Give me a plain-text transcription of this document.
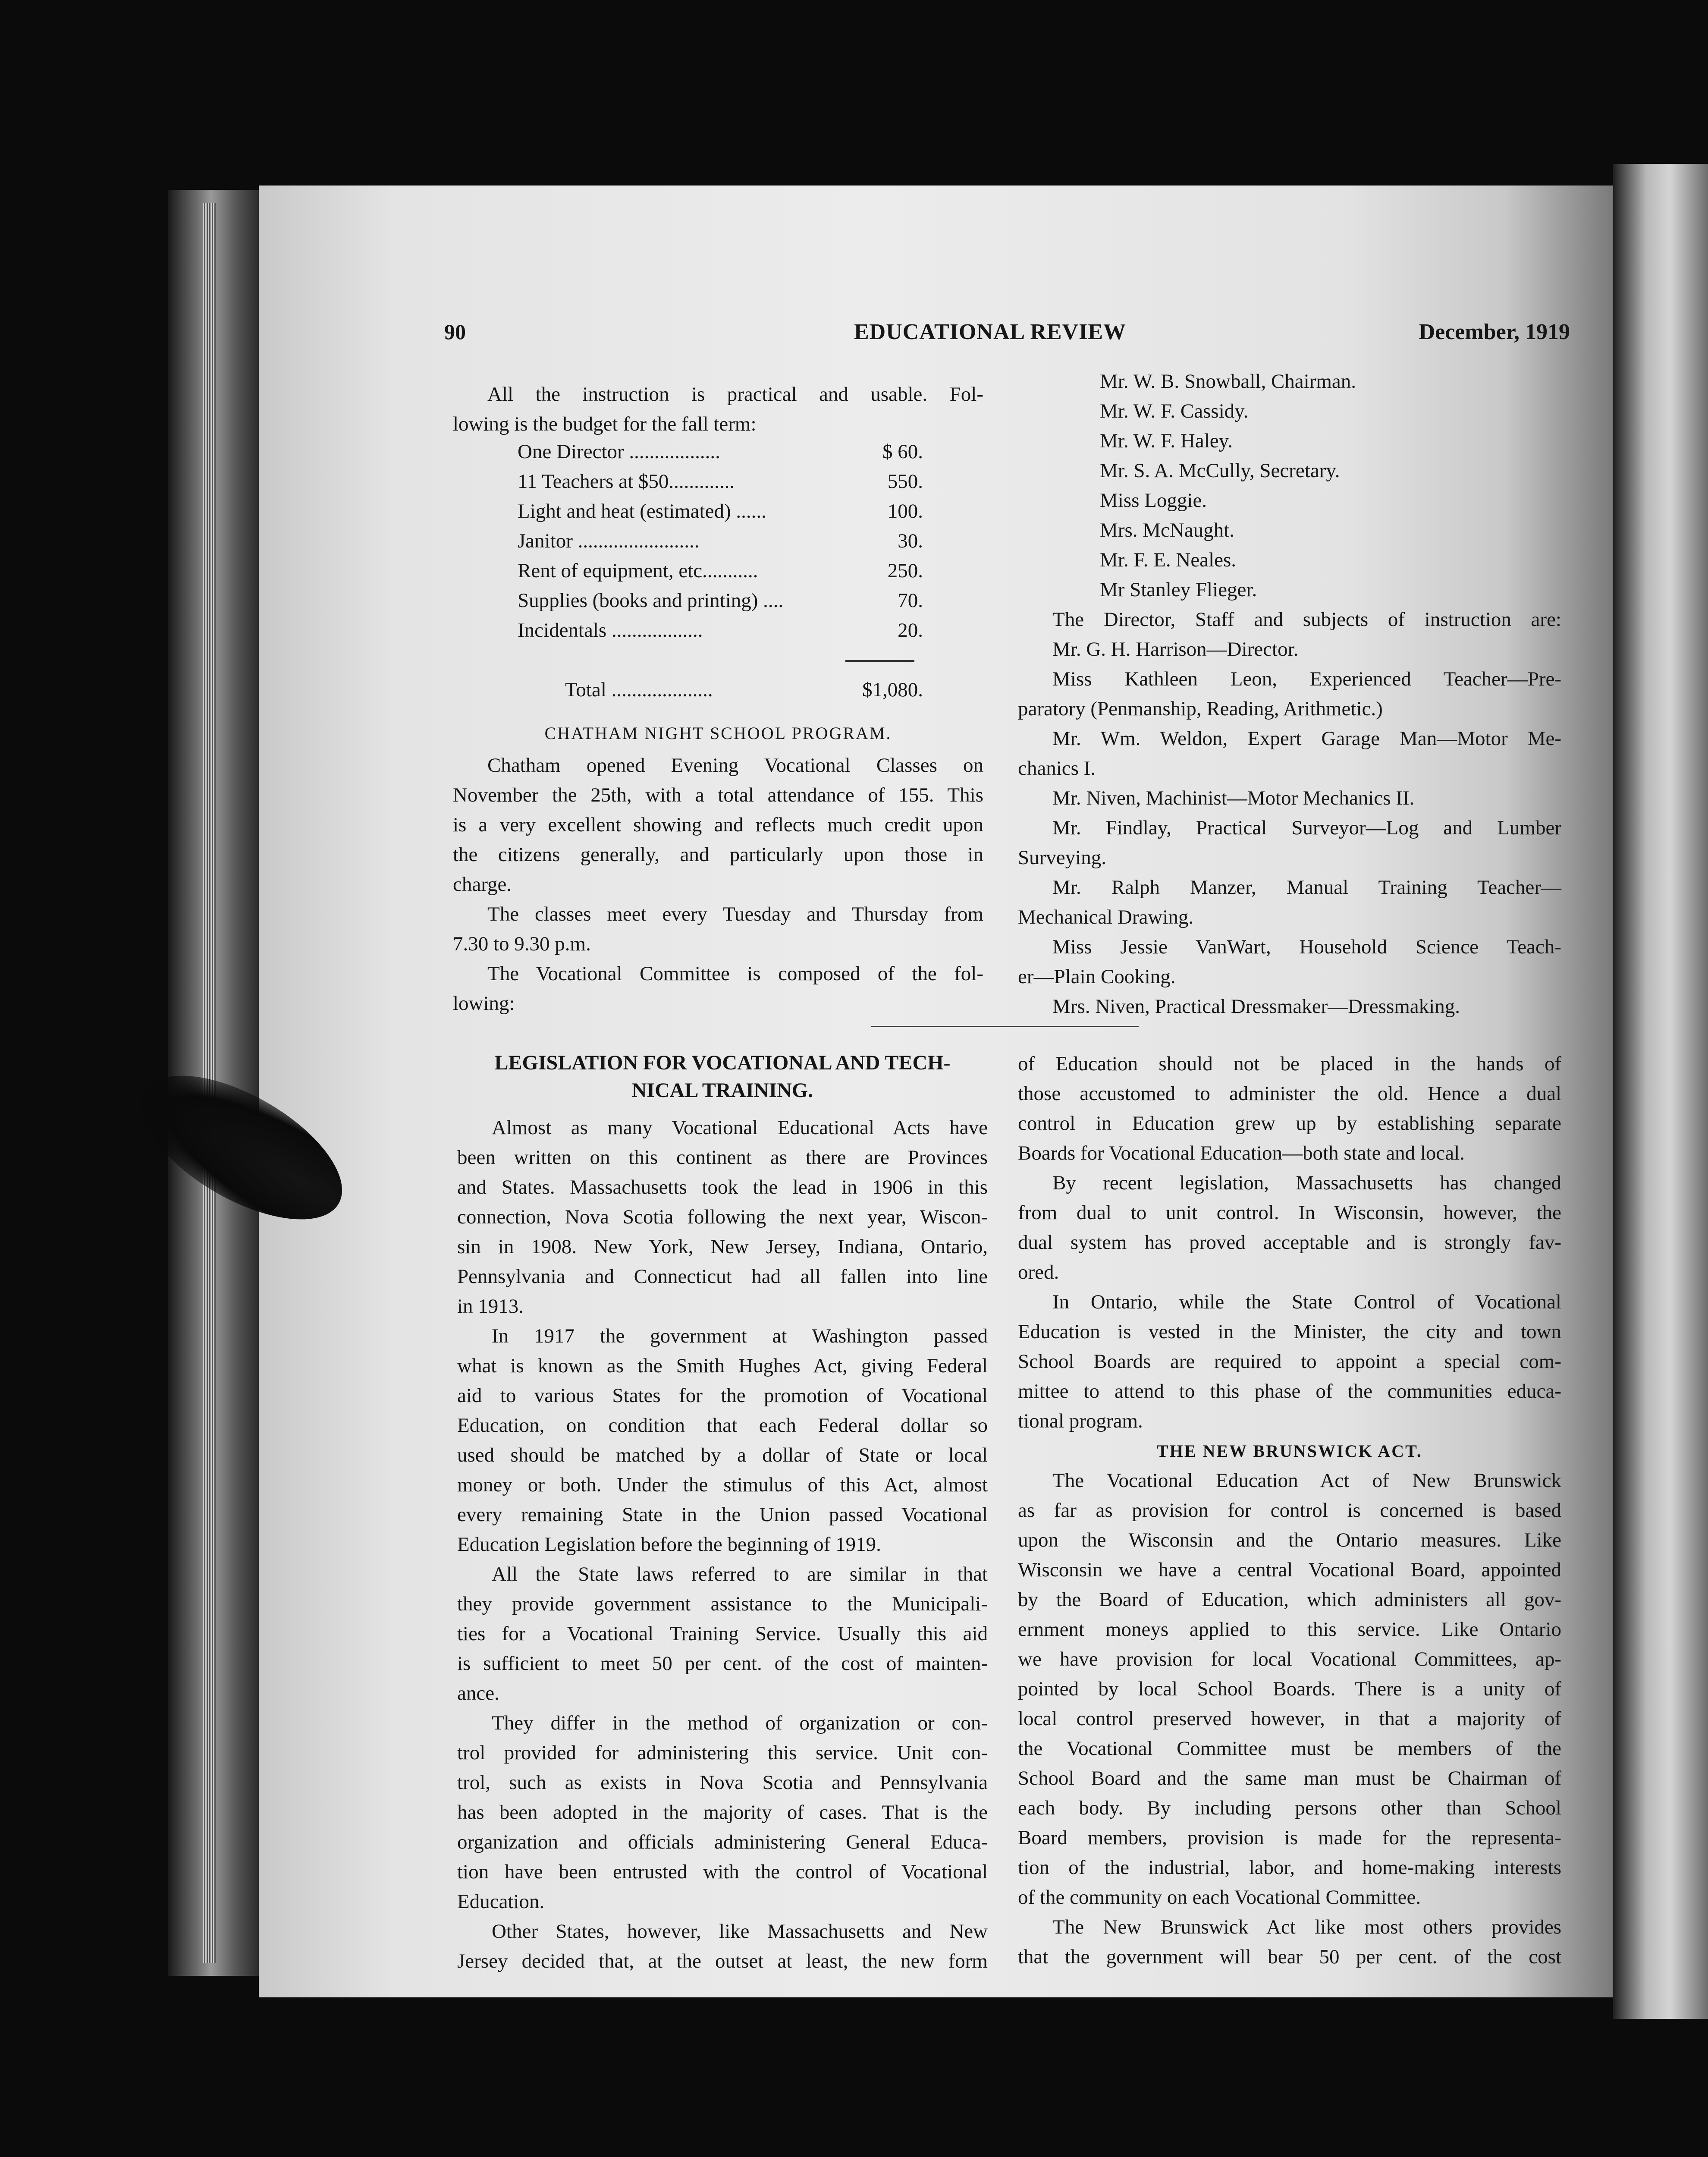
90	EDUCATIONAL REVIEW	December, 1919

All the instruction is practical and usable. Fol-

lowing is the budget for the fall term:

One Director ..................	$ 60.
11 Teachers at $50.............	550.
Light and heat (estimated) ......	100.
Janitor ........................	30.
Rent of equipment, etc...........	250.
Supplies (books and printing) ....	70.
Incidentals ..................	20.
Total ....................	$1,080.
CHATHAM NIGHT SCHOOL PROGRAM.

Chatham opened Evening Vocational Classes on

November the 25th, with a total attendance of 155. This

is a very excellent showing and reflects much credit upon

the citizens generally, and particularly upon those in

charge.

The classes meet every Tuesday and Thursday from

7.30 to 9.30 p.m.

The Vocational Committee is composed of the fol-

lowing:

Mr. W. B. Snowball, Chairman.

Mr. W. F. Cassidy.

Mr. W. F. Haley.

Mr. S. A. McCully, Secretary.

Miss Loggie.

Mrs. McNaught.

Mr. F. E. Neales.

Mr Stanley Flieger.

The Director, Staff and subjects of instruction are:

Mr. G. H. Harrison—Director.

Miss Kathleen Leon, Experienced Teacher—Pre-

paratory (Penmanship, Reading, Arithmetic.)

Mr. Wm. Weldon, Expert Garage Man—Motor Me-

chanics I.

Mr. Niven, Machinist—Motor Mechanics II.

Mr. Findlay, Practical Surveyor—Log and Lumber

Surveying.

Mr. Ralph Manzer, Manual Training Teacher—

Mechanical Drawing.

Miss Jessie VanWart, Household Science Teach-

er—Plain Cooking.

Mrs. Niven, Practical Dressmaker—Dressmaking.

LEGISLATION FOR VOCATIONAL AND TECH-

NICAL TRAINING.

Almost as many Vocational Educational Acts have

been written on this continent as there are Provinces

and States. Massachusetts took the lead in 1906 in this

connection, Nova Scotia following the next year, Wiscon-

sin in 1908. New York, New Jersey, Indiana, Ontario,

Pennsylvania and Connecticut had all fallen into line

in 1913.

In 1917 the government at Washington passed

what is known as the Smith Hughes Act, giving Federal

aid to various States for the promotion of Vocational

Education, on condition that each Federal dollar so

used should be matched by a dollar of State or local

money or both. Under the stimulus of this Act, almost

every remaining State in the Union passed Vocational

Education Legislation before the beginning of 1919.

All the State laws referred to are similar in that

they provide government assistance to the Municipali-

ties for a Vocational Training Service. Usually this aid

is sufficient to meet 50 per cent. of the cost of mainten-

ance.

They differ in the method of organization or con-

trol provided for administering this service. Unit con-

trol, such as exists in Nova Scotia and Pennsylvania

has been adopted in the majority of cases. That is the

organization and officials administering General Educa-

tion have been entrusted with the control of Vocational

Education.

Other States, however, like Massachusetts and New

Jersey decided that, at the outset at least, the new form

of Education should not be placed in the hands of

those accustomed to administer the old. Hence a dual

control in Education grew up by establishing separate

Boards for Vocational Education—both state and local.

By recent legislation, Massachusetts has changed

from dual to unit control. In Wisconsin, however, the

dual system has proved acceptable and is strongly fav-

ored.

In Ontario, while the State Control of Vocational

Education is vested in the Minister, the city and town

School Boards are required to appoint a special com-

mittee to attend to this phase of the communities educa-

tional program.

THE NEW BRUNSWICK ACT.

The Vocational Education Act of New Brunswick

as far as provision for control is concerned is based

upon the Wisconsin and the Ontario measures. Like

Wisconsin we have a central Vocational Board, appointed

by the Board of Education, which administers all gov-

ernment moneys applied to this service. Like Ontario

we have provision for local Vocational Committees, ap-

pointed by local School Boards. There is a unity of

local control preserved however, in that a majority of

the Vocational Committee must be members of the

School Board and the same man must be Chairman of

each body. By including persons other than School

Board members, provision is made for the representa-

tion of the industrial, labor, and home-making interests

of the community on each Vocational Committee.

The New Brunswick Act like most others provides

that the government will bear 50 per cent. of the cost
